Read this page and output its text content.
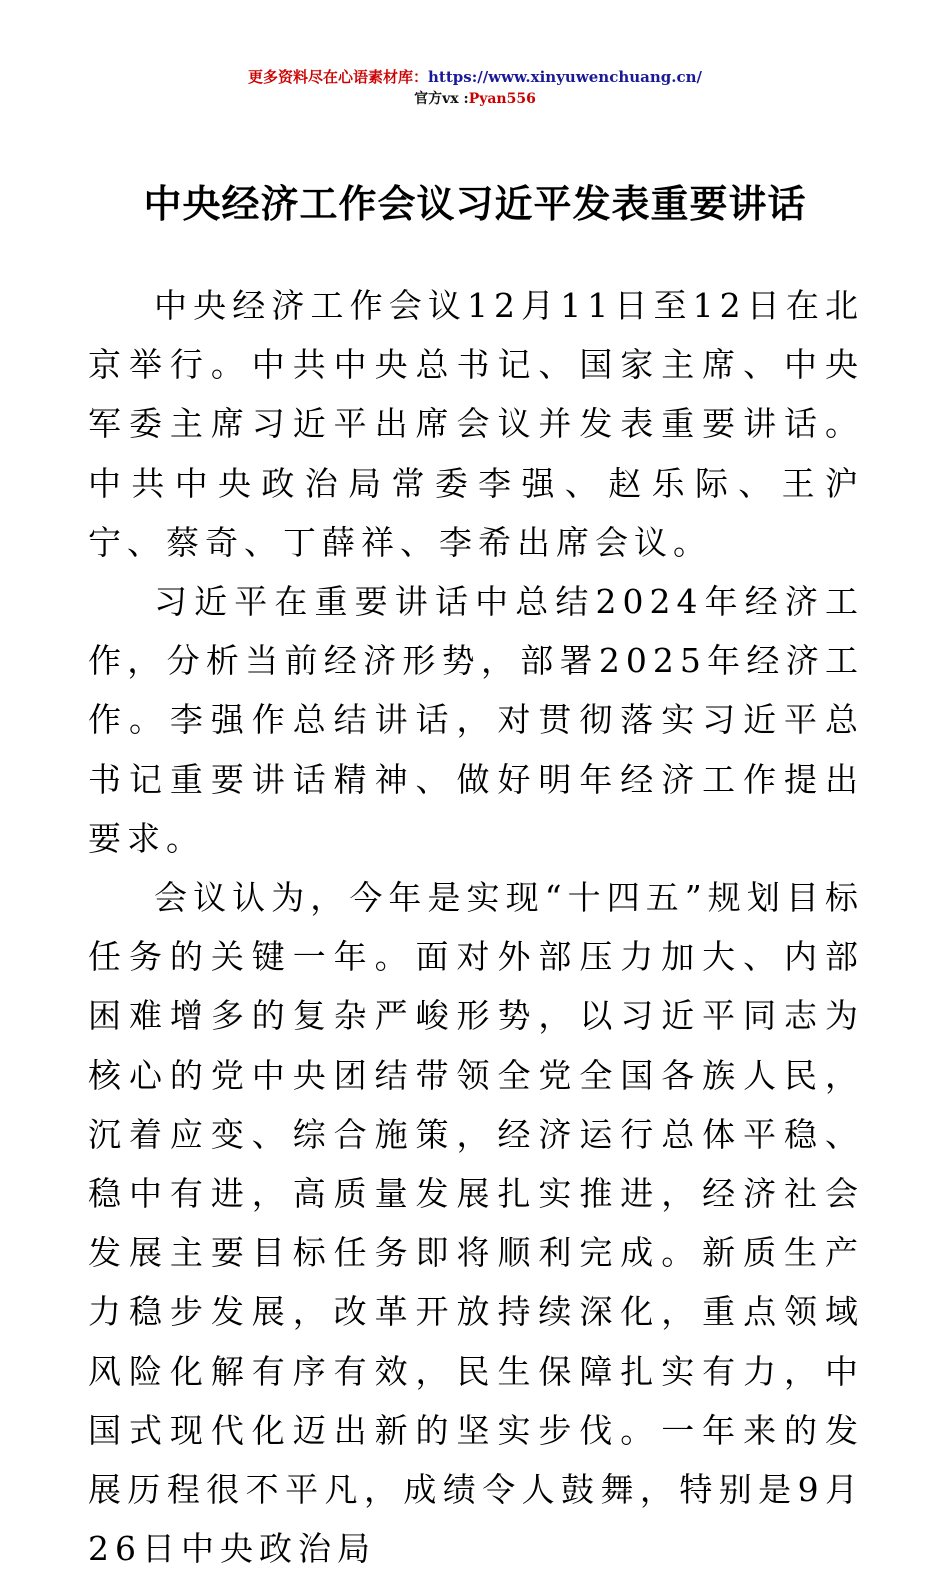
更多资料尽在心语素材库：https://www.xinyuwenchuang.cn/
官方vx :Pyan556
中央经济工作会议习近平发表重要讲话

中央经济工作会议12月11日至12日在北京举行。中共中央总书记、国家主席、中央军委主席习近平出席会议并发表重要讲话。中共中央政治局常委李强、赵乐际、王沪宁、蔡奇、丁薛祥、李希出席会议。

习近平在重要讲话中总结2024年经济工作，分析当前经济形势，部署2025年经济工作。李强作总结讲话，对贯彻落实习近平总书记重要讲话精神、做好明年经济工作提出要求。

会议认为，今年是实现“十四五”规划目标任务的关键一年。面对外部压力加大、内部困难增多的复杂严峻形势，以习近平同志为核心的党中央团结带领全党全国各族人民，沉着应变、综合施策，经济运行总体平稳、稳中有进，高质量发展扎实推进，经济社会发展主要目标任务即将顺利完成。新质生产力稳步发展，改革开放持续深化，重点领域风险化解有序有效，民生保障扎实有力，中国式现代化迈出新的坚实步伐。一年来的发展历程很不平凡，成绩令人鼓舞，特别是9月26日中央政治局
